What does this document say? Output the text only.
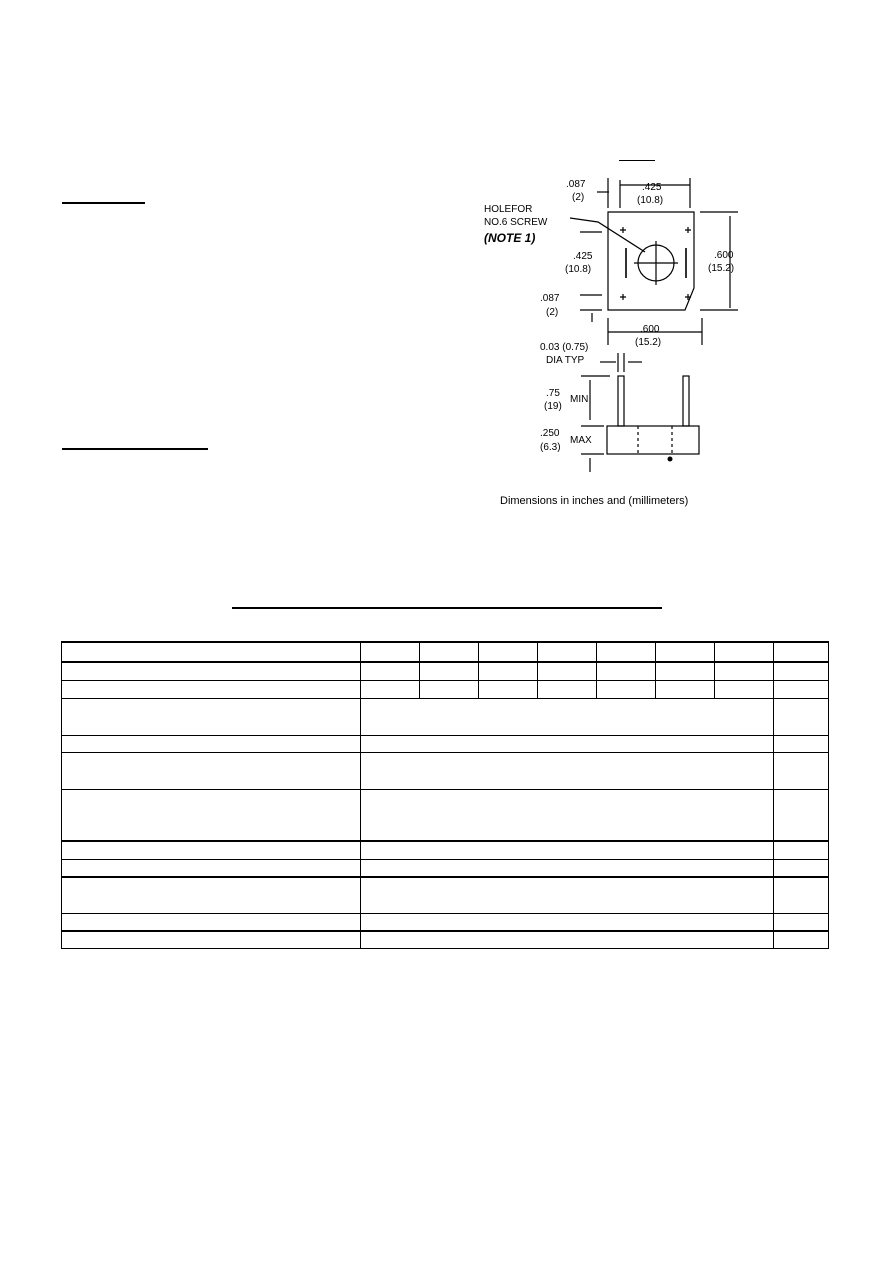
.087
(2)
.425
(10.8)
HOLEFOR
NO.6 SCREW
(NOTE 1)
.425
(10.8)
.600
(15.2)
.087
(2)
.600
(15.2)
0.03 (0.75)
DIA TYP
.75
(19)
MIN
.250
(6.3)
MAX
Dimensions in inches and (millimeters)
